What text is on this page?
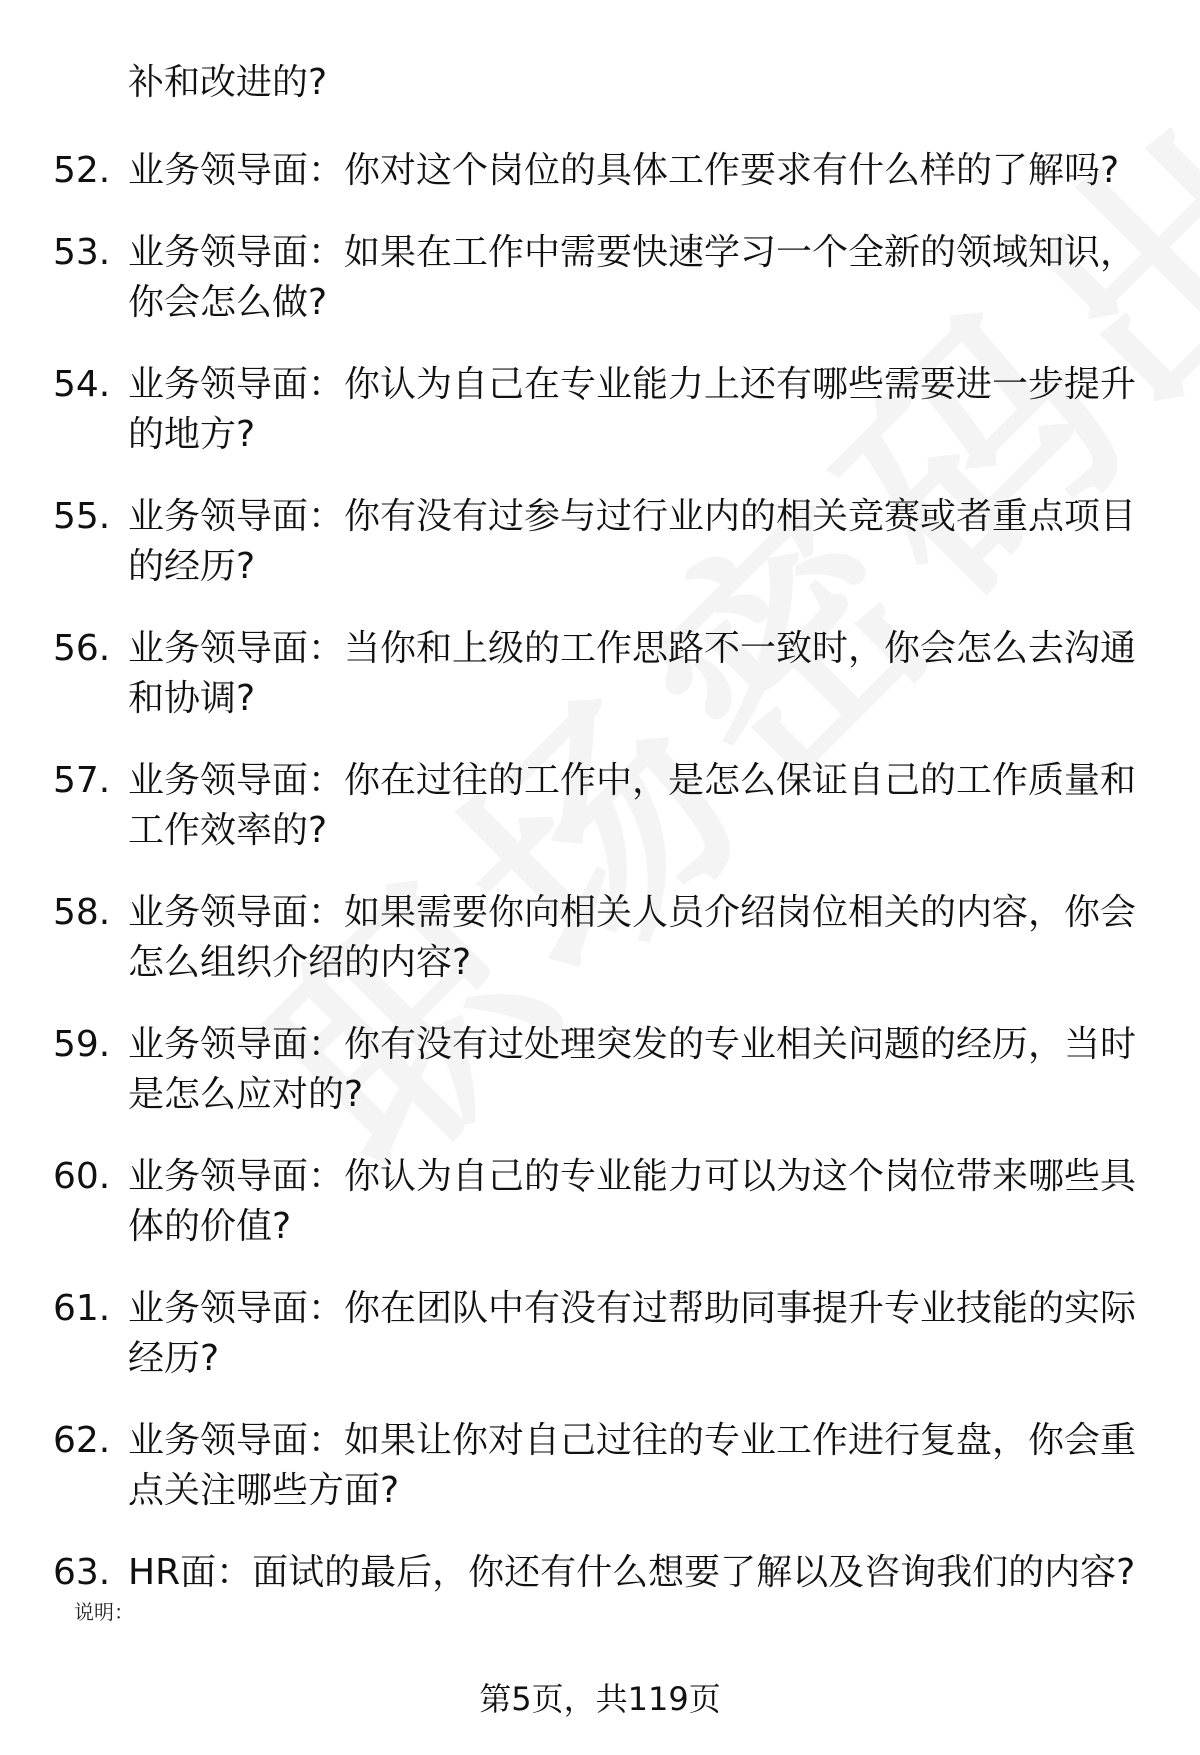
补和改进的?
52. 业务领导面：你对这个岗位的具体工作要求有什么样的了解吗?
53. 业务领导面：如果在工作中需要快速学习一个全新的领域知识，
你会怎么做?
54. 业务领导面：你认为自己在专业能力上还有哪些需要进一步提升
的地方?
55. 业务领导面：你有没有过参与过行业内的相关竞赛或者重点项目
的经历?
56. 业务领导面：当你和上级的工作思路不一致时，你会怎么去沟通
和协调?
57. 业务领导面：你在过往的工作中，是怎么保证自己的工作质量和
工作效率的?
58. 业务领导面：如果需要你向相关人员介绍岗位相关的内容，你会
怎么组织介绍的内容?
59. 业务领导面：你有没有过处理突发的专业相关问题的经历，当时
是怎么应对的?
60. 业务领导面：你认为自己的专业能力可以为这个岗位带来哪些具
体的价值?
61. 业务领导面：你在团队中有没有过帮助同事提升专业技能的实际
经历?
62. 业务领导面：如果让你对自己过往的专业工作进行复盘，你会重
点关注哪些方面?
63. HR面：面试的最后，你还有什么想要了解以及咨询我们的内容?
说明：
第5页，共119页
